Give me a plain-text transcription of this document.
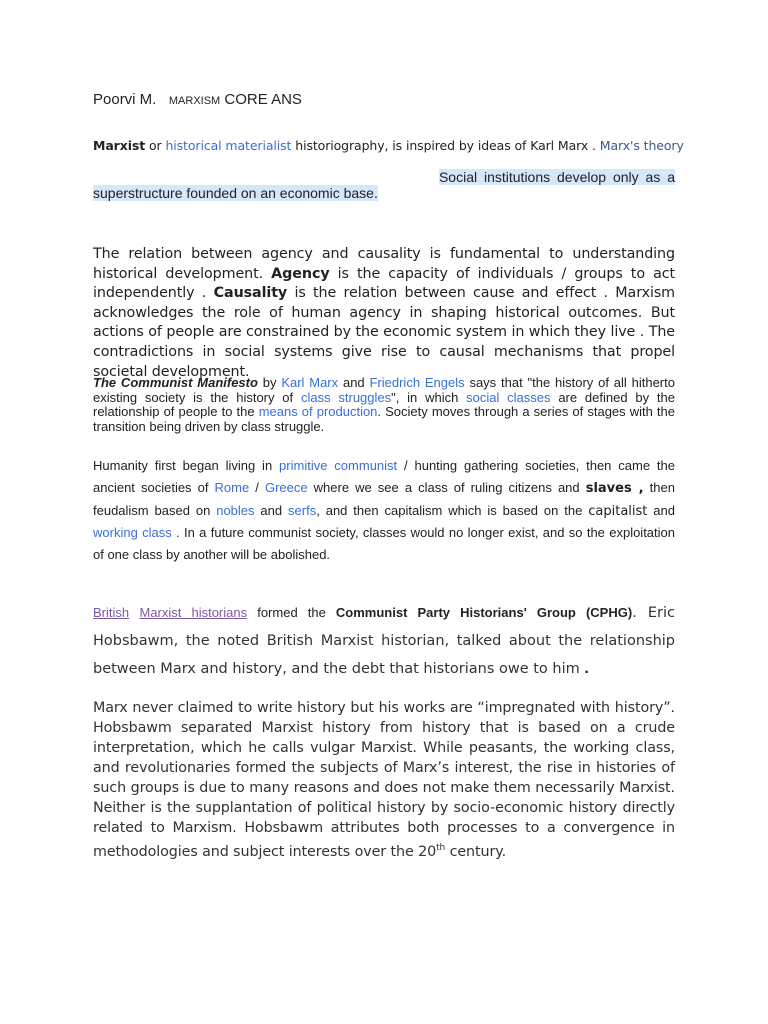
Poorvi M. marxism CORE ANS
Marxist or historical materialist historiography, is inspired by ideas of Karl Marx . Marx's theory
Social institutions develop only as a
superstructure founded on an economic base.
The relation between agency and causality is fundamental to understanding historical development. Agency is the capacity of individuals / groups to act independently . Causality is the relation between cause and effect . Marxism acknowledges the role of human agency in shaping historical outcomes. But actions of people are constrained by the economic system in which they live . The contradictions in social systems give rise to causal mechanisms that propel societal development.
The Communist Manifesto by Karl Marx and Friedrich Engels says that "the history of all hitherto existing society is the history of class struggles", in which social classes are defined by the relationship of people to the means of production. Society moves through a series of stages with the transition being driven by class struggle.
Humanity first began living in primitive communist / hunting gathering societies, then came the ancient societies of Rome / Greece where we see a class of ruling citizens and slaves , then feudalism based on nobles and serfs, and then capitalism which is based on the capitalist and working class . In a future communist society, classes would no longer exist, and so the exploitation of one class by another will be abolished.
British Marxist historians formed the Communist Party Historians' Group (CPHG). Eric Hobsbawm, the noted British Marxist historian, talked about the relationship between Marx and history, and the debt that historians owe to him .
Marx never claimed to write history but his works are “impregnated with history”. Hobsbawm separated Marxist history from history that is based on a crude interpretation, which he calls vulgar Marxist. While peasants, the working class, and revolutionaries formed the subjects of Marx’s interest, the rise in histories of such groups is due to many reasons and does not make them necessarily Marxist. Neither is the supplantation of political history by socio-economic history directly related to Marxism. Hobsbawm attributes both processes to a convergence in methodologies and subject interests over the 20th century.
